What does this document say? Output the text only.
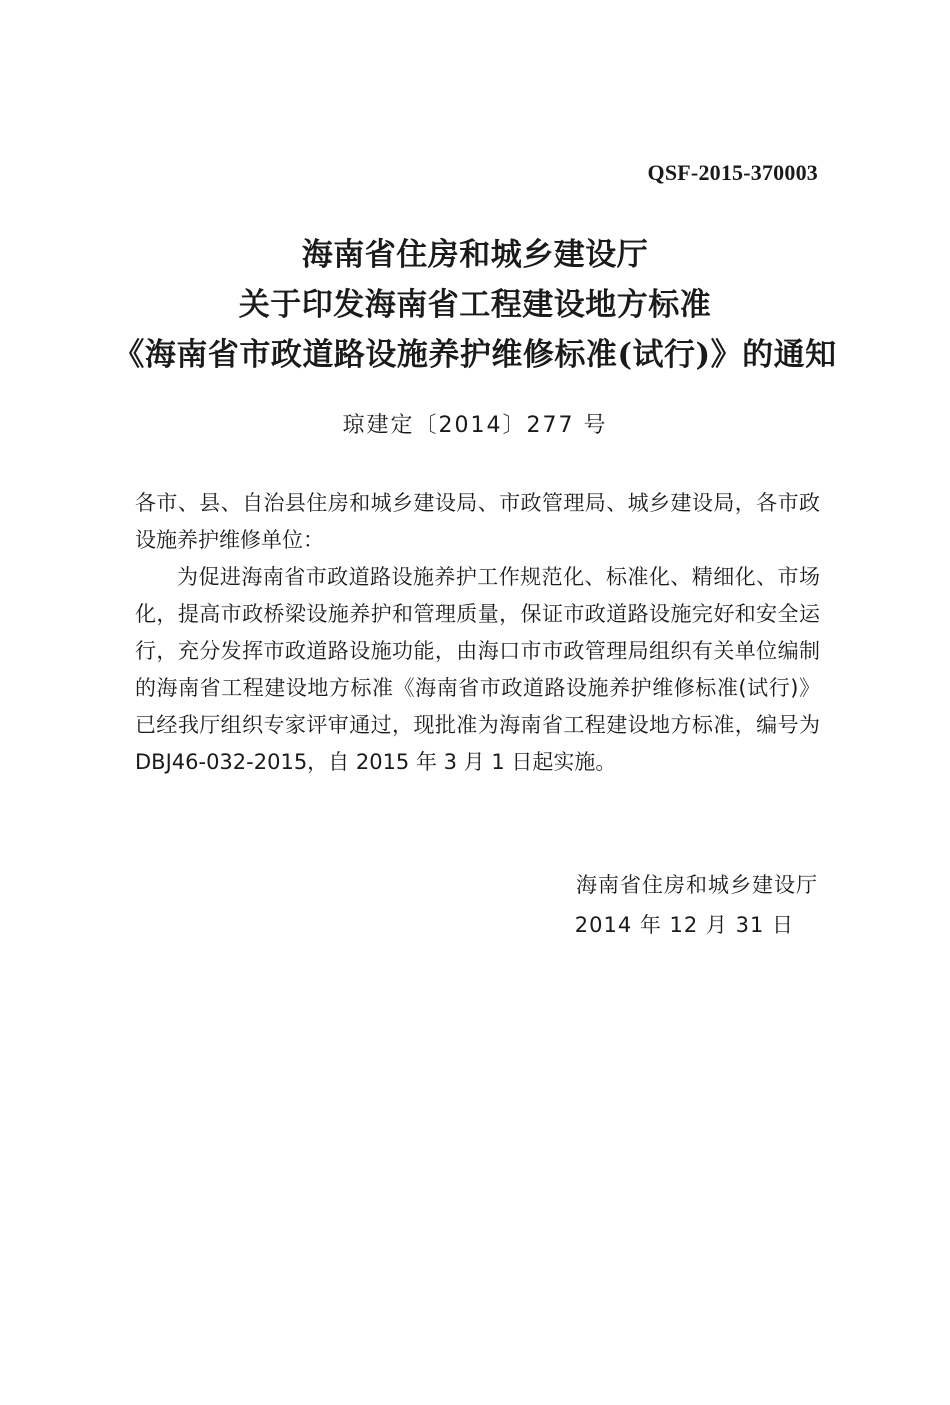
QSF-2015-370003
海南省住房和城乡建设厅
关于印发海南省工程建设地方标准
《海南省市政道路设施养护维修标准(试行)》的通知
琼建定〔2014〕277 号

各市、县、自治县住房和城乡建设局、市政管理局、城乡建设局，各市政设施养护维修单位：

为促进海南省市政道路设施养护工作规范化、标准化、精细化、市场化，提高市政桥梁设施养护和管理质量，保证市政道路设施完好和安全运行，充分发挥市政道路设施功能，由海口市市政管理局组织有关单位编制的海南省工程建设地方标准《海南省市政道路设施养护维修标准(试行)》已经我厅组织专家评审通过，现批准为海南省工程建设地方标准，编号为 DBJ46-032-2015，自 2015 年 3 月 1 日起实施。

海南省住房和城乡建设厅
2014 年 12 月 31 日
